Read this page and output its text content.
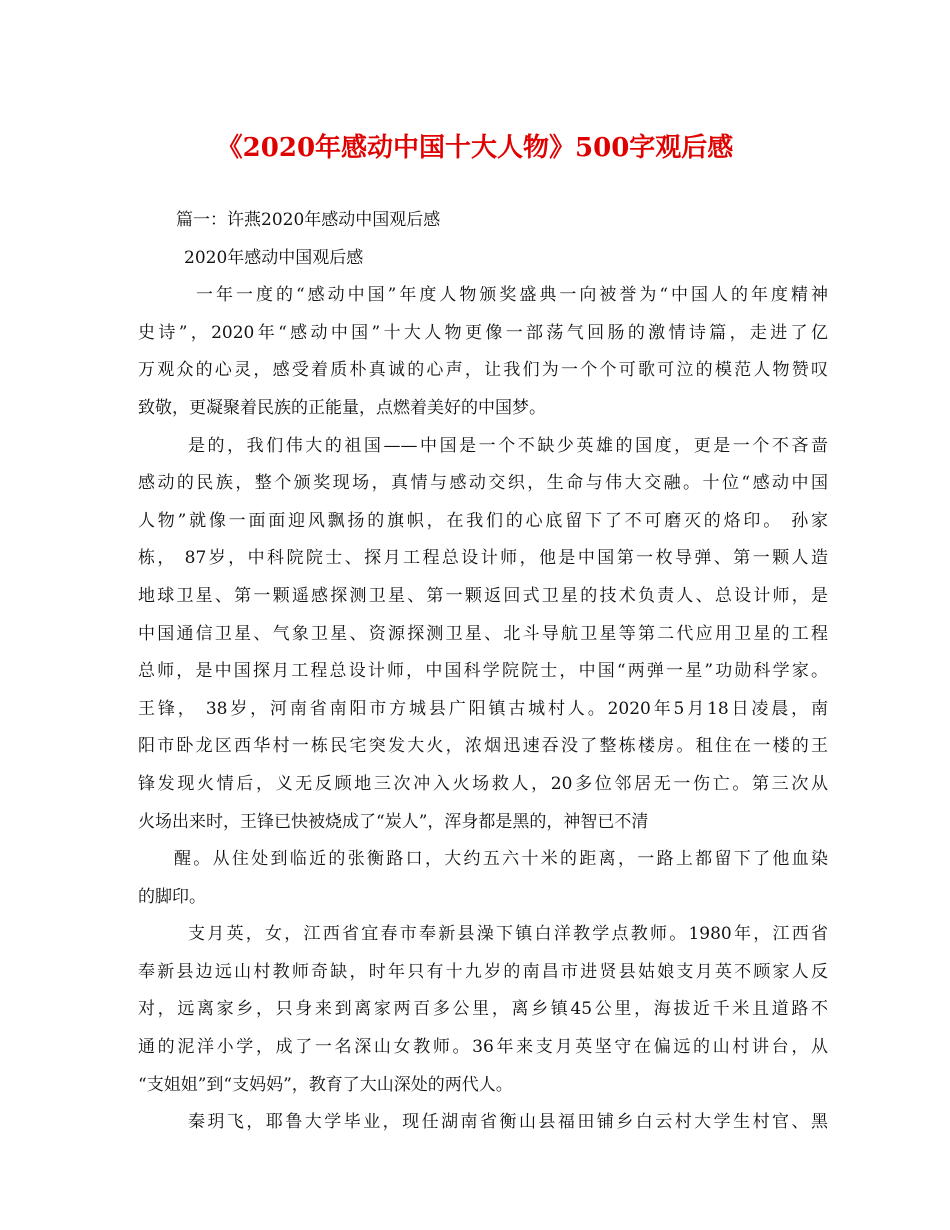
《2020年感动中国十大人物》500字观后感
篇一：许燕2020年感动中国观后感
2020年感动中国观后感
一年一度的“感动中国”年度人物颁奖盛典一向被誉为“中国人的年度精神
史诗”，2020年“感动中国”十大人物更像一部荡气回肠的激情诗篇，走进了亿
万观众的心灵，感受着质朴真诚的心声，让我们为一个个可歌可泣的模范人物赞叹
致敬，更凝聚着民族的正能量，点燃着美好的中国梦。
是的，我们伟大的祖国——中国是一个不缺少英雄的国度，更是一个不吝啬
感动的民族，整个颁奖现场，真情与感动交织，生命与伟大交融。十位“感动中国
人物”就像一面面迎风飘扬的旗帜，在我们的心底留下了不可磨灭的烙印。 孙家
栋， 87岁，中科院院士、探月工程总设计师，他是中国第一枚导弹、第一颗人造
地球卫星、第一颗遥感探测卫星、第一颗返回式卫星的技术负责人、总设计师，是
中国通信卫星、气象卫星、资源探测卫星、北斗导航卫星等第二代应用卫星的工程
总师，是中国探月工程总设计师，中国科学院院士，中国“两弹一星”功勋科学家。
王锋， 38岁，河南省南阳市方城县广阳镇古城村人。2020年5月18日凌晨，南
阳市卧龙区西华村一栋民宅突发大火，浓烟迅速吞没了整栋楼房。租住在一楼的王
锋发现火情后，义无反顾地三次冲入火场救人，20多位邻居无一伤亡。第三次从
火场出来时，王锋已快被烧成了“炭人”，浑身都是黑的，神智已不清
醒。从住处到临近的张衡路口，大约五六十米的距离，一路上都留下了他血染
的脚印。
支月英，女，江西省宜春市奉新县澡下镇白洋教学点教师。1980年，江西省
奉新县边远山村教师奇缺，时年只有十九岁的南昌市进贤县姑娘支月英不顾家人反
对，远离家乡，只身来到离家两百多公里，离乡镇45公里，海拔近千米且道路不
通的泥洋小学，成了一名深山女教师。36年来支月英坚守在偏远的山村讲台，从
“支姐姐”到“支妈妈”，教育了大山深处的两代人。
秦玥飞，耶鲁大学毕业，现任湖南省衡山县福田铺乡白云村大学生村官、黑
